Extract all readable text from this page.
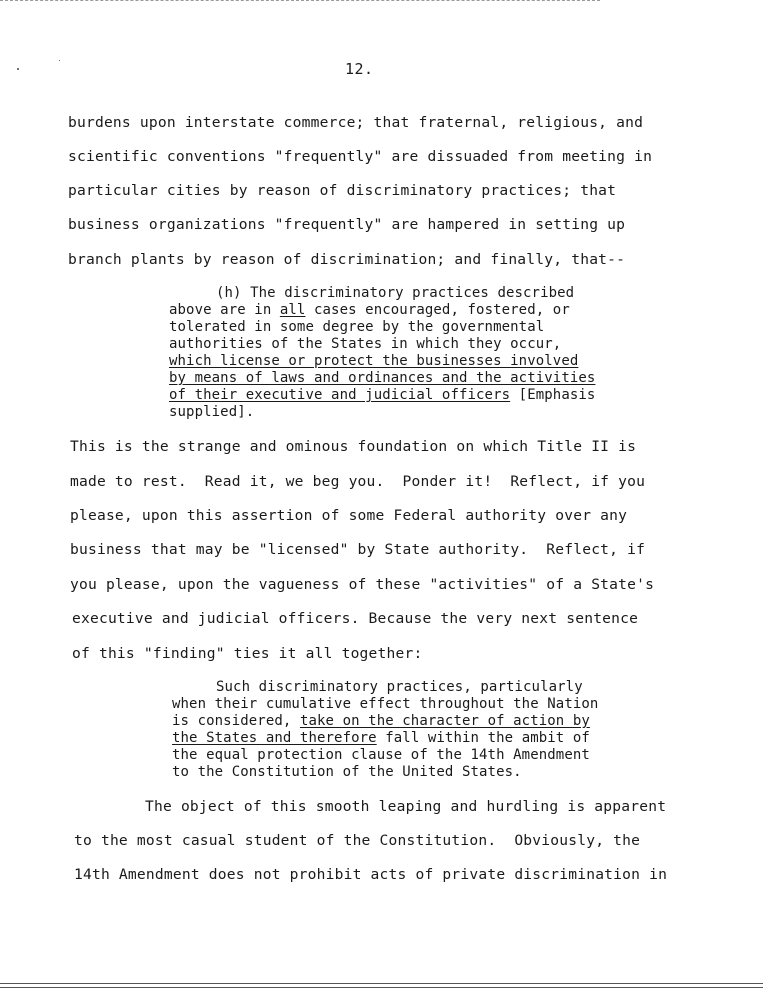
12.
burdens upon interstate commerce; that fraternal, religious, and
scientific conventions "frequently" are dissuaded from meeting in
particular cities by reason of discriminatory practices; that
business organizations "frequently" are hampered in setting up
branch plants by reason of discrimination; and finally, that--
(h) The discriminatory practices described
above are in all cases encouraged, fostered, or
tolerated in some degree by the governmental
authorities of the States in which they occur,
which license or protect the businesses involved
by means of laws and ordinances and the activities
of their executive and judicial officers [Emphasis
supplied].
This is the strange and ominous foundation on which Title II is
made to rest.  Read it, we beg you.  Ponder it!  Reflect, if you
please, upon this assertion of some Federal authority over any
business that may be "licensed" by State authority.  Reflect, if
you please, upon the vagueness of these "activities" of a State's
executive and judicial officers. Because the very next sentence
of this "finding" ties it all together:
Such discriminatory practices, particularly
when their cumulative effect throughout the Nation
is considered, take on the character of action by
the States and therefore fall within the ambit of
the equal protection clause of the 14th Amendment
to the Constitution of the United States.
The object of this smooth leaping and hurdling is apparent
to the most casual student of the Constitution.  Obviously, the
14th Amendment does not prohibit acts of private discrimination in
